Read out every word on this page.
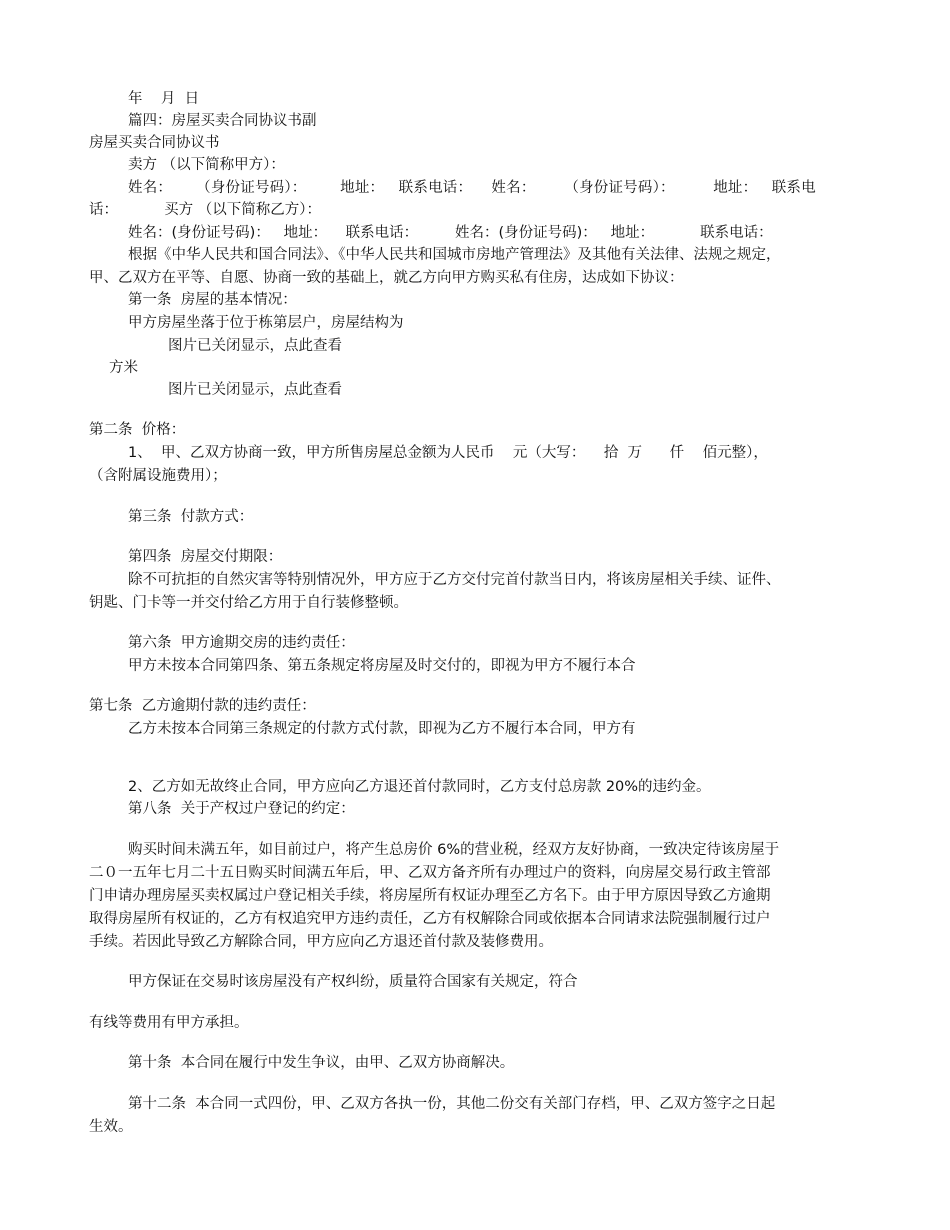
年    月  日
篇四：房屋买卖合同协议书副
房屋买卖合同协议书
卖方 （以下简称甲方）：
姓名：     （身份证号码）：       地址：   联系电话：    姓名：      （身份证号码）：        地址：   联系电
话：          买方 （以下简称乙方）：
姓名：(身份证号码)：   地址：    联系电话：        姓名：(身份证号码)：   地址：          联系电话：
根据《中华人民共和国合同法》、《中华人民共和国城市房地产管理法》及其他有关法律、法规之规定，
甲、乙双方在平等、自愿、协商一致的基础上，就乙方向甲方购买私有住房，达成如下协议：
第一条  房屋的基本情况：
甲方房屋坐落于位于栋第层户，房屋结构为
图片已关闭显示，点此查看
方米
图片已关闭显示，点此查看
第二条  价格：
1、  甲、乙双方协商一致，甲方所售房屋总金额为人民币    元（大写：    拾  万      仟    佰元整），
（含附属设施费用）；
第三条  付款方式：
第四条  房屋交付期限：
除不可抗拒的自然灾害等特别情况外，甲方应于乙方交付完首付款当日内，将该房屋相关手续、证件、
钥匙、门卡等一并交付给乙方用于自行装修整顿。
第六条  甲方逾期交房的违约责任：
甲方未按本合同第四条、第五条规定将房屋及时交付的，即视为甲方不履行本合
第七条  乙方逾期付款的违约责任：
乙方未按本合同第三条规定的付款方式付款，即视为乙方不履行本合同，甲方有
2、乙方如无故终止合同，甲方应向乙方退还首付款同时，乙方支付总房款 20%的违约金。
第八条  关于产权过户登记的约定：
购买时间未满五年，如目前过户，将产生总房价 6%的营业税，经双方友好协商，一致决定待该房屋于
二０一五年七月二十五日购买时间满五年后，甲、乙双方备齐所有办理过户的资料，向房屋交易行政主管部
门申请办理房屋买卖权属过户登记相关手续，将房屋所有权证办理至乙方名下。由于甲方原因导致乙方逾期
取得房屋所有权证的，乙方有权追究甲方违约责任，乙方有权解除合同或依据本合同请求法院强制履行过户
手续。若因此导致乙方解除合同，甲方应向乙方退还首付款及装修费用。
甲方保证在交易时该房屋没有产权纠纷，质量符合国家有关规定，符合
有线等费用有甲方承担。
第十条  本合同在履行中发生争议，由甲、乙双方协商解决。
第十二条  本合同一式四份，甲、乙双方各执一份，其他二份交有关部门存档，甲、乙双方签字之日起
生效。
